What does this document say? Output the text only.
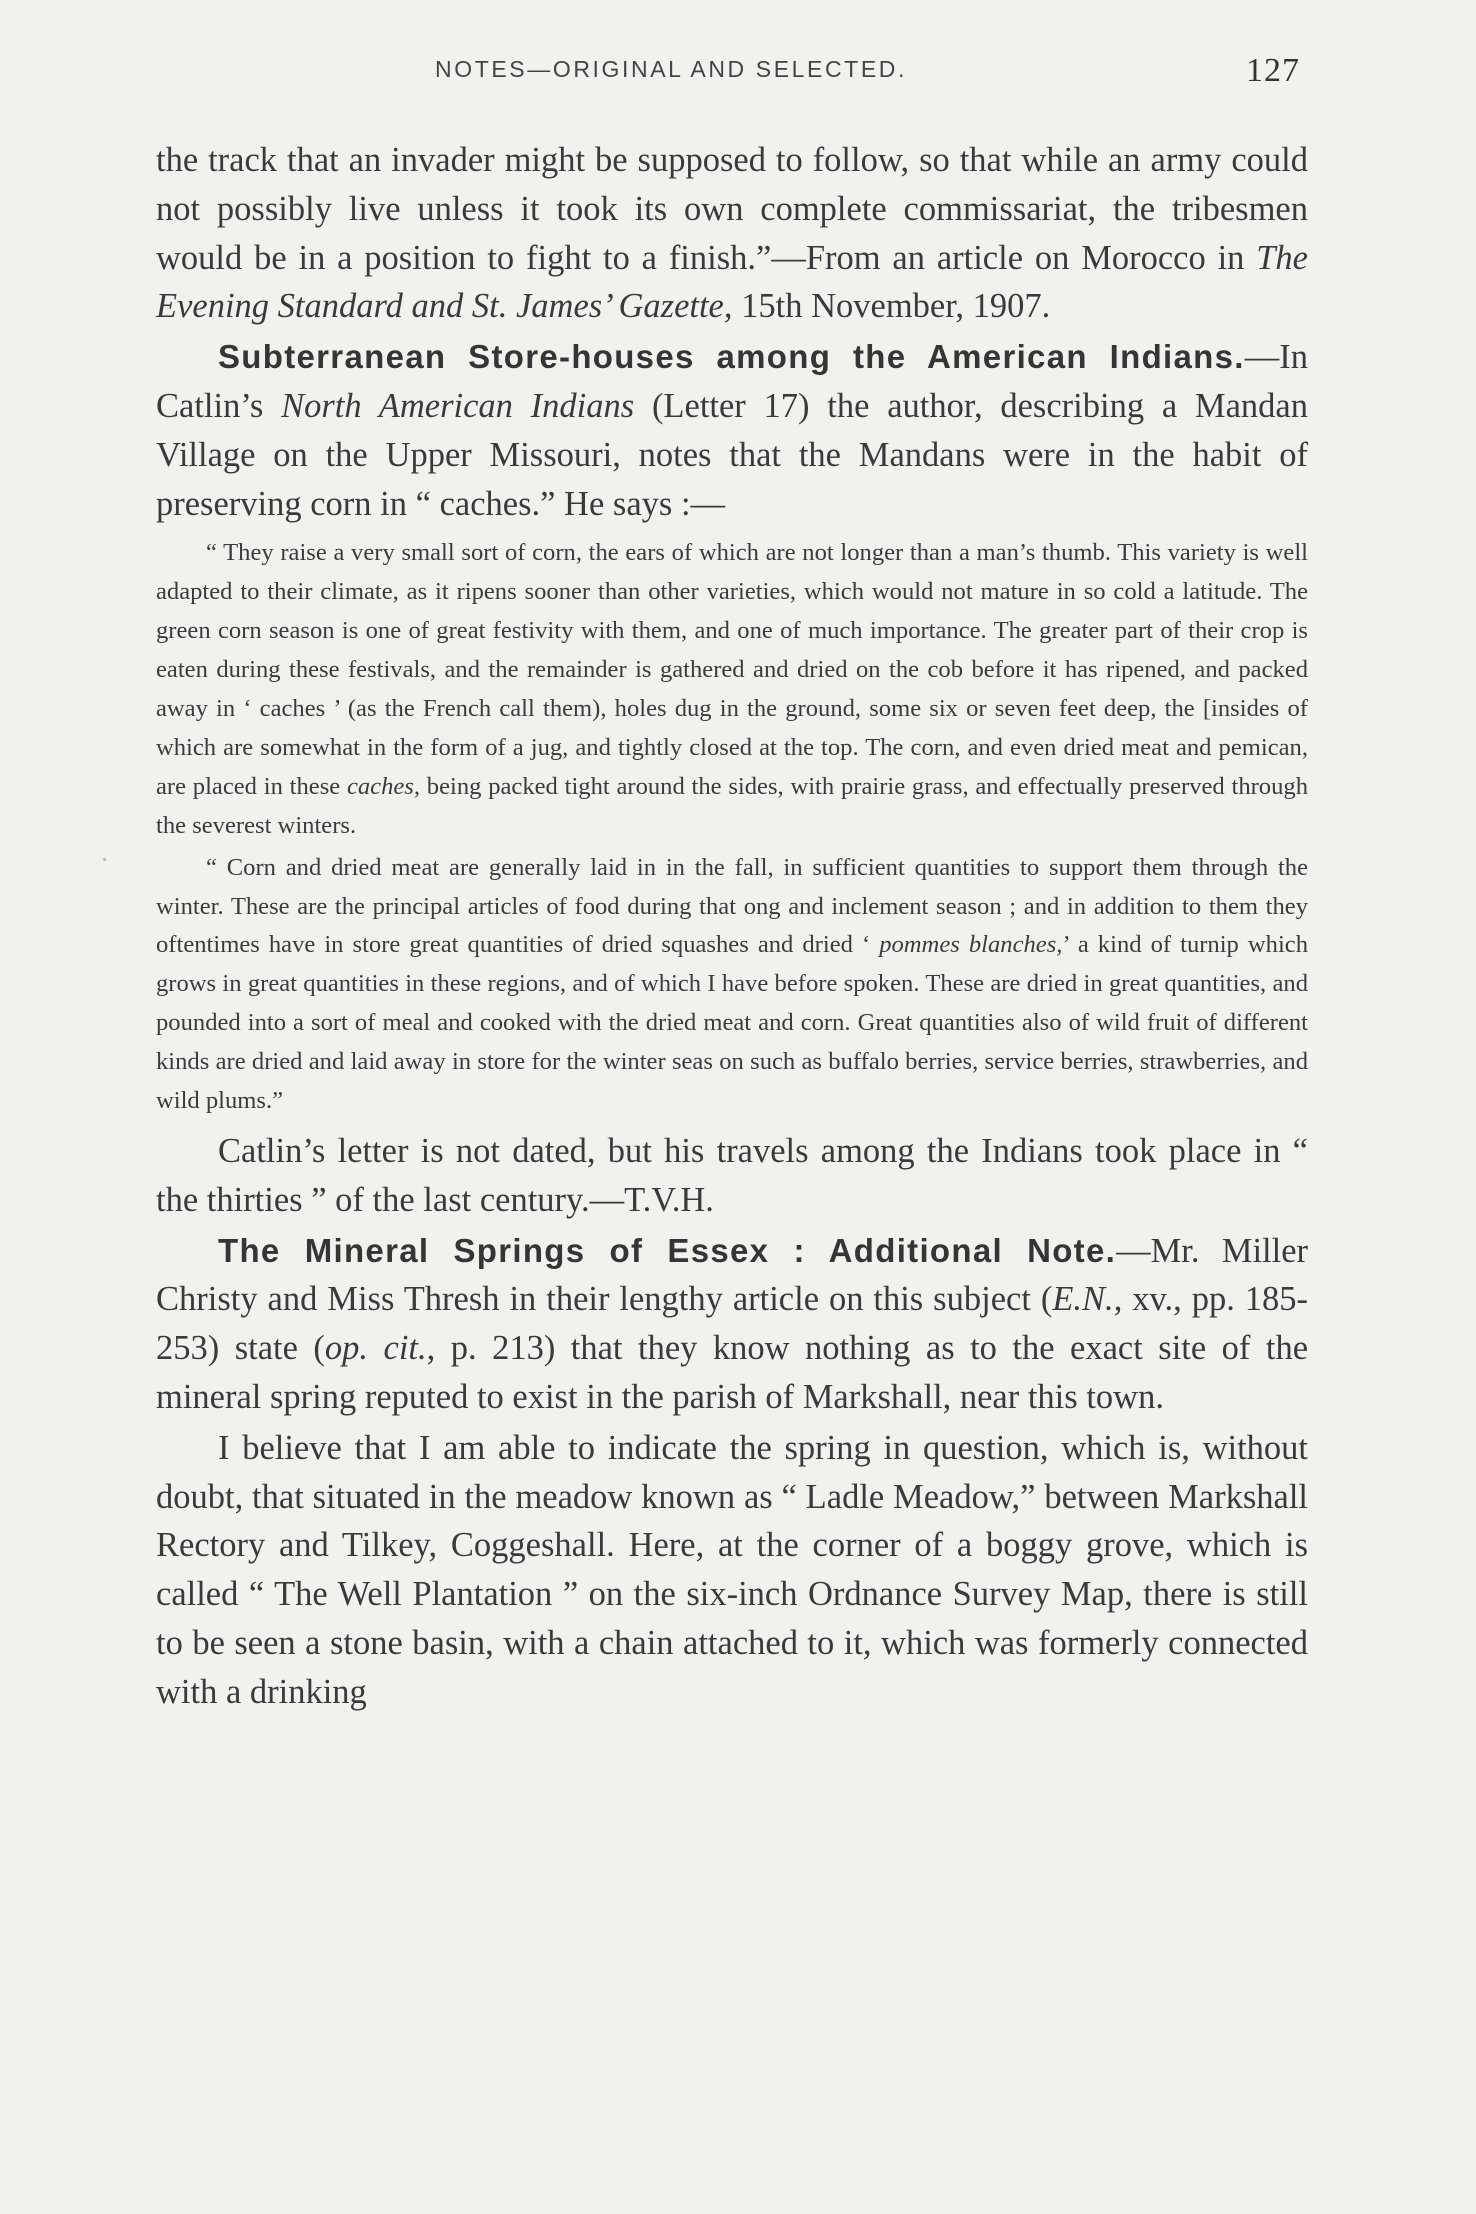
NOTES—ORIGINAL AND SELECTED.	127

the track that an invader might be supposed to follow, so that while an army could not possibly live unless it took its own complete commissariat, the tribesmen would be in a position to fight to a finish.”—From an article on Morocco in The Evening Standard and St. James’ Gazette, 15th November, 1907.

Subterranean Store-houses among the American Indians.—In Catlin’s North American Indians (Letter 17) the author, describing a Mandan Village on the Upper Missouri, notes that the Mandans were in the habit of preserving corn in “ caches.” He says :—

“ They raise a very small sort of corn, the ears of which are not longer than a man’s thumb. This variety is well adapted to their climate, as it ripens sooner than other varieties, which would not mature in so cold a latitude. The green corn season is one of great festivity with them, and one of much importance. The greater part of their crop is eaten during these festivals, and the remainder is gathered and dried on the cob before it has ripened, and packed away in ‘ caches ’ (as the French call them), holes dug in the ground, some six or seven feet deep, the [insides of which are somewhat in the form of a jug, and tightly closed at the top. The corn, and even dried meat and pemican, are placed in these caches, being packed tight around the sides, with prairie grass, and effectually preserved through the severest winters.

“ Corn and dried meat are generally laid in in the fall, in sufficient quantities to support them through the winter. These are the principal articles of food during that ong and inclement season ; and in addition to them they oftentimes have in store great quantities of dried squashes and dried ‘ pommes blanches,’ a kind of turnip which grows in great quantities in these regions, and of which I have before spoken. These are dried in great quantities, and pounded into a sort of meal and cooked with the dried meat and corn. Great quantities also of wild fruit of different kinds are dried and laid away in store for the winter seas on such as buffalo berries, service berries, strawberries, and wild plums.”

Catlin’s letter is not dated, but his travels among the Indians took place in “ the thirties ” of the last century.—T.V.H.

The Mineral Springs of Essex : Additional Note.—Mr. Miller Christy and Miss Thresh in their lengthy article on this subject (E.N., xv., pp. 185-253) state (op. cit., p. 213) that they know nothing as to the exact site of the mineral spring reputed to exist in the parish of Markshall, near this town.

I believe that I am able to indicate the spring in question, which is, without doubt, that situated in the meadow known as “ Ladle Meadow,” between Markshall Rectory and Tilkey, Coggeshall. Here, at the corner of a boggy grove, which is called “ The Well Plantation ” on the six-inch Ordnance Survey Map, there is still to be seen a stone basin, with a chain attached to it, which was formerly connected with a drinking
